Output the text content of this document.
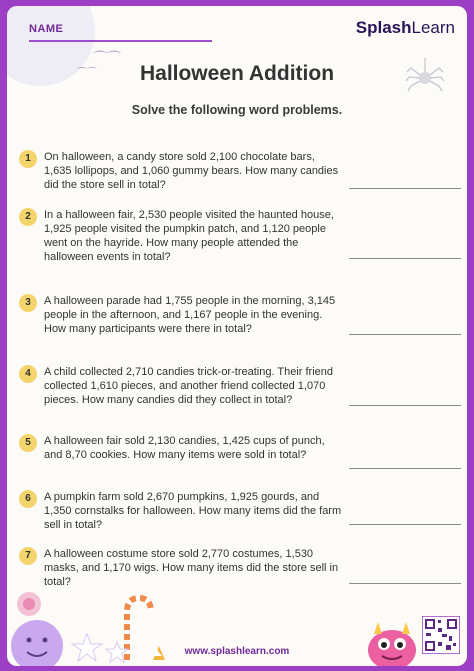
⌒⌒
⌒⌒
NAME	SplashLearn
Halloween Addition
Solve the following word problems.
1	On halloween, a candy store sold 2,100 chocolate bars, 1,635 lollipops, and 1,060 gummy bears. How many candies did the store sell in total?
2	In a halloween fair, 2,530 people visited the haunted house, 1,925 people visited the pumpkin patch, and 1,120 people went on the hayride. How many people attended the halloween events in total?
3	A halloween parade had 1,755 people in the morning, 3,145 people in the afternoon, and 1,167 people in the evening. How many participants were there in total?
4	A child collected 2,710 candies trick-or-treating. Their friend collected 1,610 pieces, and another friend collected 1,070 pieces. How many candies did they collect in total?
5	A halloween fair sold 2,130 candies, 1,425 cups of punch, and 8,70 cookies. How many items were sold in total?
6	A pumpkin farm sold 2,670 pumpkins, 1,925 gourds, and 1,350 cornstalks for halloween. How many items did the farm sell in total?
7	A halloween costume store sold 2,770 costumes, 1,530 masks, and 1,170 wigs. How many items did the store sell in total?
www.splashlearn.com
